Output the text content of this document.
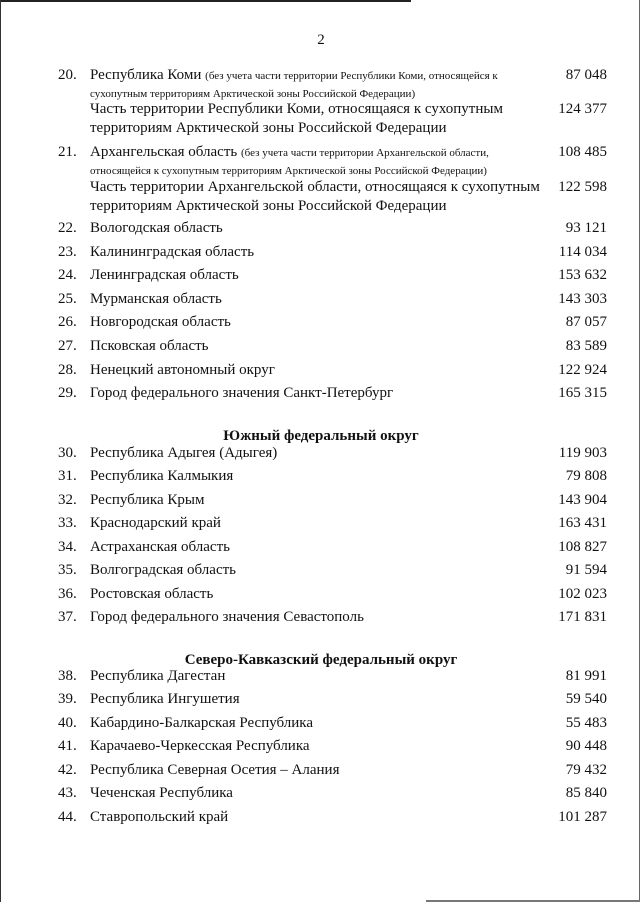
2
20. Республика Коми (без учета части территории Республики Коми, относящейся к сухопутным территориям Арктической зоны Российской Федерации)
87 048
Часть территории Республики Коми, относящаяся к сухопутным территориям Арктической зоны Российской Федерации
124 377
21. Архангельская область (без учета части территории Архангельской области, относящейся к сухопутным территориям Арктической зоны Российской Федерации)
108 485
Часть территории Архангельской области, относящаяся к сухопутным территориям Арктической зоны Российской Федерации
122 598
22. Вологодская область	93 121
23. Калининградская область	114 034
24. Ленинградская область	153 632
25. Мурманская область	143 303
26. Новгородская область	87 057
27. Псковская область	83 589
28. Ненецкий автономный округ	122 924
29. Город федерального значения Санкт-Петербург	165 315
Южный федеральный округ
30. Республика Адыгея (Адыгея)	119 903
31. Республика Калмыкия	79 808
32. Республика Крым	143 904
33. Краснодарский край	163 431
34. Астраханская область	108 827
35. Волгоградская область	91 594
36. Ростовская область	102 023
37. Город федерального значения Севастополь	171 831
Северо-Кавказский федеральный округ
38. Республика Дагестан	81 991
39. Республика Ингушетия	59 540
40. Кабардино-Балкарская Республика	55 483
41. Карачаево-Черкесская Республика	90 448
42. Республика Северная Осетия – Алания	79 432
43. Чеченская Республика	85 840
44. Ставропольский край	101 287
